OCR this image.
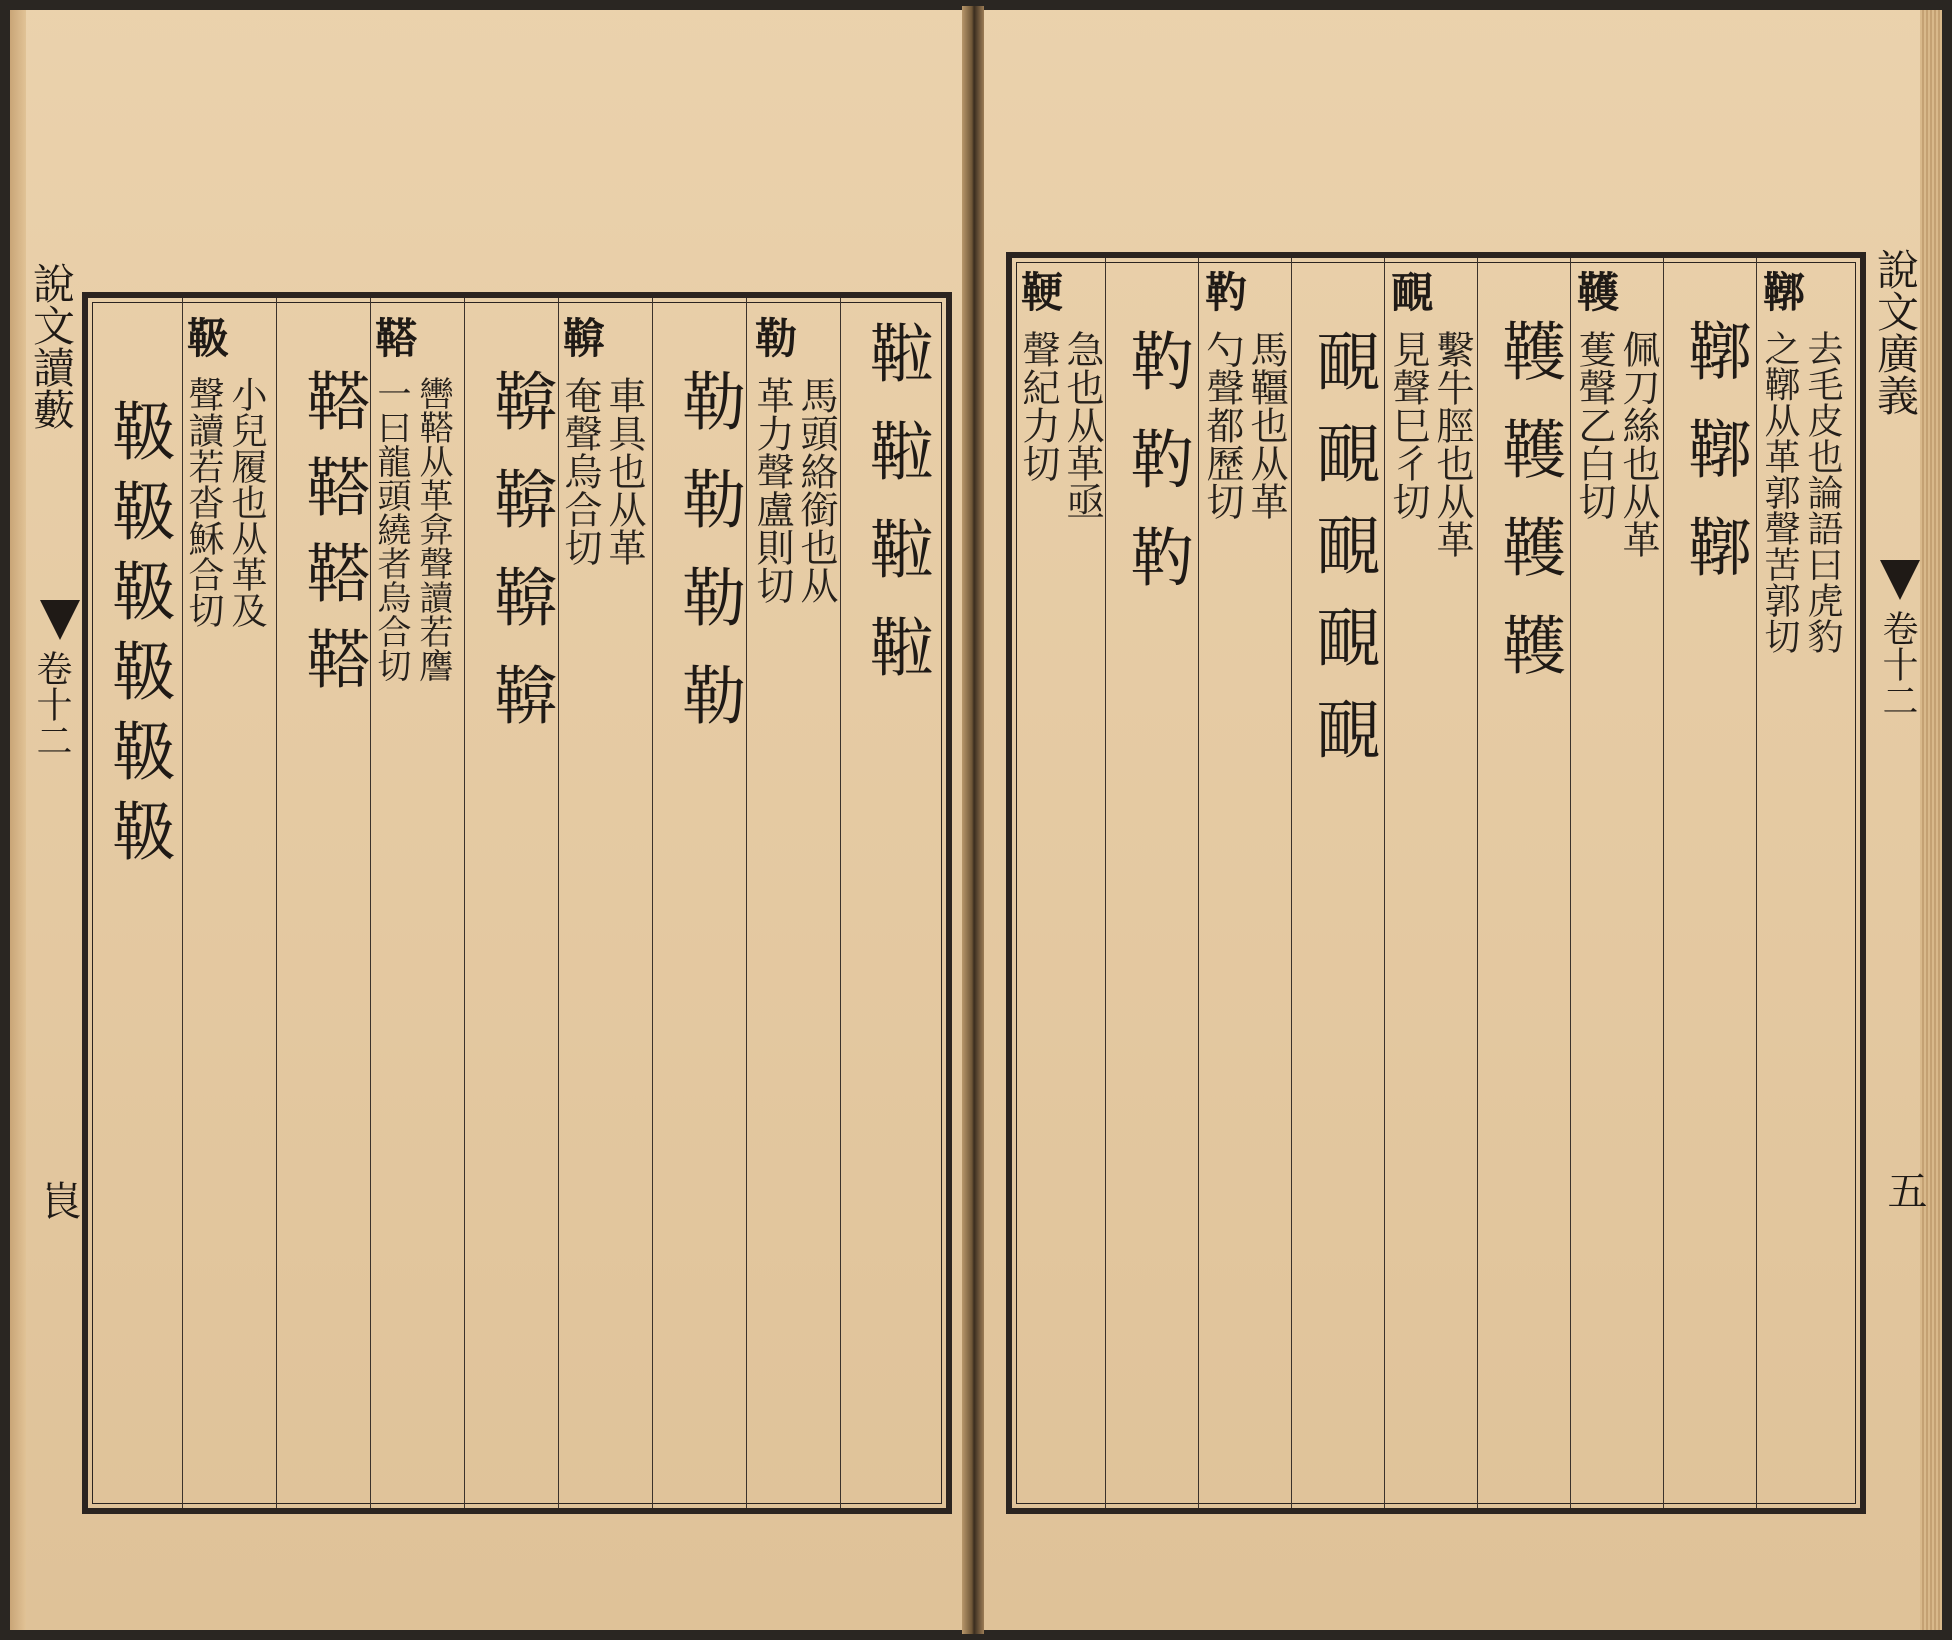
說文讀藪
卷十二
峎
鞡鞡鞡鞡
勒
馬頭絡銜也从
革力聲盧則切
勒勒勒勒
鞥
車具也从革
奄聲烏合切
鞥鞥鞥鞥
鞳
轡鞳从革弇聲讀若譍
一曰龍頭繞者烏合切
鞳鞳鞳鞳
靸
小兒履也从革及
聲讀若沓穌合切
靸靸靸靸靸靸
鞹
去毛皮也論語曰虎豹
之鞹从革郭聲苦郭切
鞹鞹鞹
韄
佩刀絲也从革
蒦聲乙白切
韄韄韄韄
靦
繫牛脛也从革
見聲巳彳切
靦靦靦靦靦
靮
馬韁也从革
勺聲都歷切
靮靮靮
鞕
急也从革亟
聲紀力切	說文廣義
卷十二
五
